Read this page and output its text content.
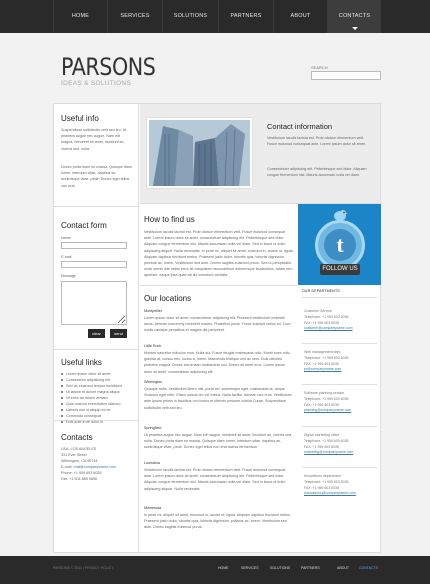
HOME	SERVICES	SOLUTIONS	PARTNERS	ABOUT	CONTACTS
PARSONS
IDEAS & SOLUTIONS
SEARCH
Useful info
Suspendisse sollicitudin velit sed leo. Ut pharetra augue nec augue. Nam elit magna, hendrerit sit amet, tincidunt ac, viverra sed, nulla.
Donec porta diam eu massa. Quisque diam lorem, interdum vitae, dapibus ac, scelerisque vitae, pede. Donec eget tellus non erat.
Contact form
Name
E-mail
Message
clear	send
Useful links
Lorem ipsum dolor sit amet
Consectetur adipisicing elit
Sed do eiusmod tempor incididunt
Ut labore et dolore magna aliqua
Ut enim ad minim veniam
Quis nostrud exercitation ullamco
Laboris nisi ut aliquip ex ea
Commodo consequat
Duis aute irure dolor in
Contacts
USA, LOS ANGELES
331 Ever Street
Wilmington, CA 90744
E-mail: mail@companyname.com
Phone: +1 959 603 6035
Fax: +1 504 889 9898
Contact information
Vestibulum iaculis lacinia est. Proin dictum elementum velit. Fusce euismod consequat ante. Lorem ipsum dolor sit amet.
Consectetuer adipiscing elit. Pellentesque sed dolor. Aliquam congue fermentum nisl. Mauris accumsan nulla vel diam.
How to find us
Vestibulum iaculis lacinia est. Proin dictum elementum velit. Fusce euismod consequat ante. Lorem ipsum dolor sit amet, consectetuer adipiscing elit. Pellentesque sed dolor. Aliquam congue fermentum nisl. Mauris accumsan nulla vel diam. Sed in lacus ut enim adipiscing aliquet. Nulla venenatis. In pede mi, aliquet sit amet, euismod in, auctor ut, ligula. Aliquam dapibus tincidunt metus. Praesent justo dolor, lobortis quis, lobortis dignissim, pulvinar ac, lorem. Vestibulum sed ante. Donec sagittis euismod purus. Sed ut perspiciatis unde omnis iste natus error sit voluptatem accusantium doloremque laudantium, totam rem aperiam, eaque ipsa quae ab illo inventore veritatis.
Our locations
Montpellier
Lorem ipsum dolor sit amet, consectetuer adipiscing elit. Praesent vestibulum molestie lacus. Aenean nonummy hendrerit mauris. Phasellus porta. Fusce suscipit varius mi. Cum sociis natoque penatibus et magnis dis parturient.
Little Rock
Montes nascetur ridiculus mus. Nulla dui. Fusce feugiat malesuada odio. Morbi nunc odio, gravida at, cursus nec, luctus a, lorem. Maecenas tristique orci ac sem. Duis ultricies pharetra magna. Donec accumsan malesuada orci. Donec sit amet eros. Lorem ipsum dolor sit amet, consectetuer adipiscing elit.
Wilmington
Quisque nulla. Vestibulum libero nisl, porta vel, scelerisque eget, malesuada at, neque. Vivamus eget nibh. Etiam cursus leo vel metus. Nulla facilisi. Aenean nec eros. Vestibulum ante ipsum primis in faucibus orci luctus et ultrices posuere cubilia Curae. Suspendisse sollicitudin velit sed leo.
Springfield
Ut pharetra augue nec augue. Nam elit magna, hendrerit sit amet, tincidunt ac, viverra sed, nulla. Donec porta diam eu massa. Quisque diam lorem, interdum vitae, dapibus ac, scelerisque vitae, pede. Donec eget tellus non erat lacinia fermentum.
Louisiana
Vestibulum iaculis lacinia est. Proin dictum elementum velit. Fusce euismod consequat ante. Lorem ipsum dolor sit amet, consectetuer adipiscing elit. Pellentesque sed dolor. Aliquam congue fermentum nisl. Mauris accumsan nulla vel diam. Sed in lacus ut enim adipiscing aliquet. Nulla venenatis.
Minnesota
In pede mi, aliquet sit amet, euismod in, auctor ut, ligula. Aliquam dapibus tincidunt metus. Praesent justo dolor, lobortis quis, lobortis dignissim, pulvinar ac, lorem. Vestibulum sed ante. Donec sagittis euismod purus.
t
FOLLOW US
OUR DEPARTMENTS
Customer Service
Telephone: +1 959 603 6035
FAX: +1 959 603 6035
customer@companyname.com
Web management dept
Telephone: +1 959 603 6035
FAX: +1 959 603 6035
pr@companyname.com
Software planning service
Telephone: +1 959 603 6035
FAX: +1 959 603 6035
planning@companyname.com
Digital marketing office
Telephone: +1 959 603 6035
FAX: +1 959 603 6035
marketing@companyname.com
Innovations department
Telephone: +1 959 603 6035
FAX: +1 959 603 6035
innovations@companyname.com
PARSONS © 2011 | PRIVACY POLICY	HOME	SERVICES	SOLUTIONS	PARTNERS	ABOUT	CONTACTS
